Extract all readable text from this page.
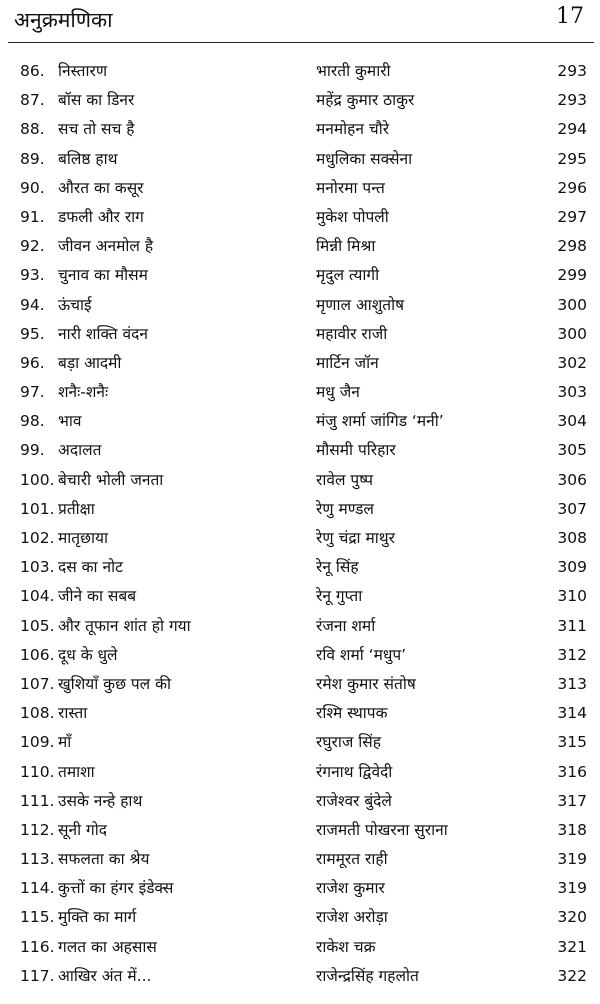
अनुक्रमणिका	17
86. निस्तारण	भारती कुमारी	293
87. बॉस का डिनर	महेंद्र कुमार ठाकुर	293
88. सच तो सच है	मनमोहन चौरे	294
89. बलिष्ठ हाथ	मधुलिका सक्सेना	295
90. औरत का कसूर	मनोरमा पन्त	296
91. डफली और राग	मुकेश पोपली	297
92. जीवन अनमोल है	मिन्नी मिश्रा	298
93. चुनाव का मौसम	मृदुल त्यागी	299
94. ऊंचाई	मृणाल आशुतोष	300
95. नारी शक्ति वंदन	महावीर राजी	300
96. बड़ा आदमी	मार्टिन जॉन	302
97. शनैः-शनैः	मधु जैन	303
98. भाव	मंजु शर्मा जांगिड ‘मनी’	304
99. अदालत	मौसमी परिहार	305
100. बेचारी भोली जनता	रावेल पुष्प	306
101. प्रतीक्षा	रेणु मण्डल	307
102. मातृछाया	रेणु चंद्रा माथुर	308
103. दस का नोट	रेनू सिंह	309
104. जीने का सबब	रेनू गुप्ता	310
105. और तूफान शांत हो गया	रंजना शर्मा	311
106. दूध के धुले	रवि शर्मा ‘मधुप’	312
107. खुशियाँ कुछ पल की	रमेश कुमार संतोष	313
108. रास्ता	रश्मि स्थापक	314
109. माँ	रघुराज सिंह	315
110. तमाशा	रंगनाथ द्विवेदी	316
111. उसके नन्हे हाथ	राजेश्वर बुंदेले	317
112. सूनी गोद	राजमती पोखरना सुराना	318
113. सफलता का श्रेय	राममूरत राही	319
114. कुत्तों का हंगर इंडेक्स	राजेश कुमार	319
115. मुक्ति का मार्ग	राजेश अरोड़ा	320
116. गलत का अहसास	राकेश चक्र	321
117. आखिर अंत में...	राजेन्द्रसिंह गहलोत	322
